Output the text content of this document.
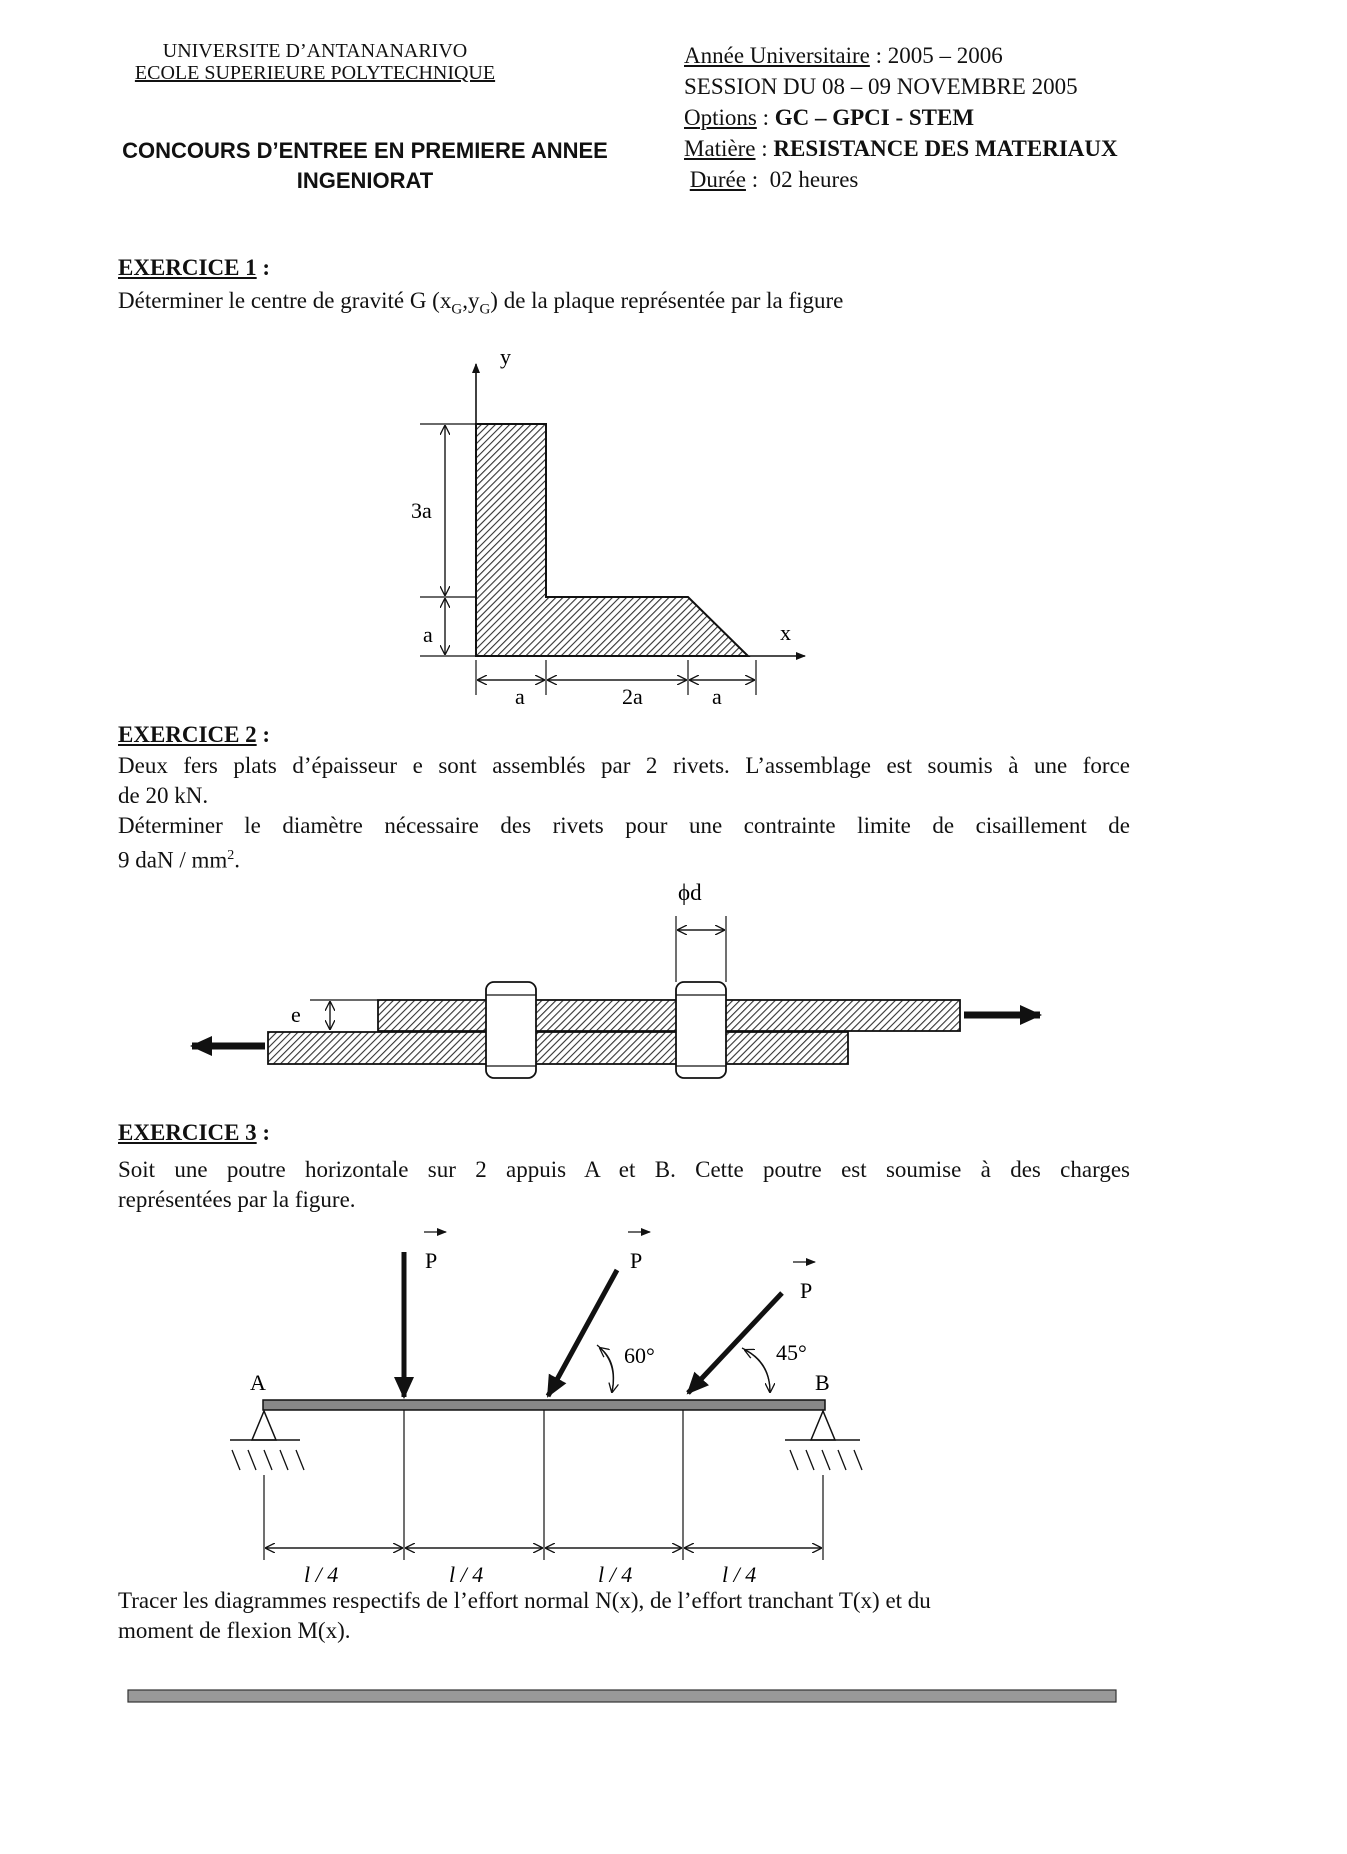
UNIVERSITE D’ANTANANARIVO
ECOLE SUPERIEURE POLYTECHNIQUE
CONCOURS D’ENTREE EN PREMIERE ANNEE
INGENIORAT
Année Universitaire : 2005 – 2006
SESSION DU 08 – 09 NOVEMBRE 2005
Options : GC – GPCI - STEM
Matière : RESISTANCE DES MATERIAUX
Durée :  02 heures
EXERCICE 1 :
Déterminer le centre de gravité G $(x_G,y_G)$ de la plaque représentée par la figure
y
x
3a
a
a	2a	a
ϕd
e
A	B
l / 4	l / 4	l / 4	l / 4
P	P
60°
P
45°
EXERCICE 2 :
Deux fers plats d’épaisseur e sont assemblés par 2 rivets. L’assemblage est soumis à une force
de 20 kN.
Déterminer le diamètre nécessaire des rivets pour une contrainte limite de cisaillement de
9 daN / $mm^2$.
EXERCICE 3 :
Soit une poutre horizontale sur 2 appuis A et B. Cette poutre est soumise à des charges
représentées par la figure.
Tracer les diagrammes respectifs de l’effort normal N(x), de l’effort tranchant T(x) et du
moment de flexion M(x).
